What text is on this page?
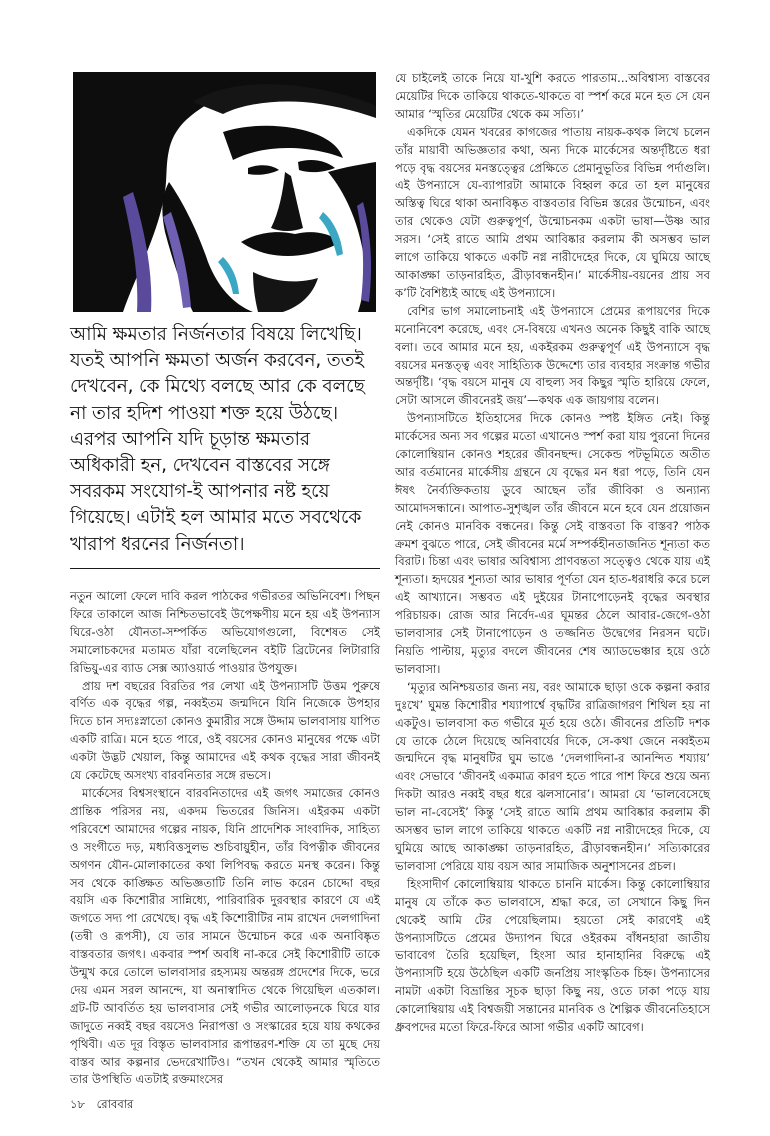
আমি ক্ষমতার নির্জনতার বিষয়ে লিখেছি। যতই আপনি ক্ষমতা অর্জন করবেন, ততই দেখবেন, কে মিথ্যে বলছে আর কে বলছে না তার হদিশ পাওয়া শক্ত হয়ে উঠছে। এরপর আপনি যদি চূড়ান্ত ক্ষমতার অধিকারী হন, দেখবেন বাস্তবের সঙ্গে সবরকম সংযোগ-ই আপনার নষ্ট হয়ে গিয়েছে। এটাই হল আমার মতে সবথেকে খারাপ ধরনের নির্জনতা।

নতুন আলো ফেলে দাবি করল পাঠকের গভীরতর অভিনিবেশ। পিছন ফিরে তাকালে আজ নিশ্চিতভাবেই উপেক্ষণীয় মনে হয় এই উপন্যাস ঘিরে-ওঠা যৌনতা-সম্পর্কিত অভিযোগগুলো, বিশেষত সেই সমালোচকদের মতামত যাঁরা বলেছিলেন বইটি ব্রিটেনের লিটারারি রিভিয়ু-এর ব্যাড সেক্স অ্যাওয়ার্ড পাওয়ার উপযুক্ত।

প্রায় দশ বছরের বিরতির পর লেখা এই উপন্যাসটি উত্তম পুরুষে বর্ণিত এক বৃদ্ধের গল্প, নব্বইতম জন্মদিনে যিনি নিজেকে উপহার দিতে চান সদ্যঃস্নাতো কোনও কুমারীর সঙ্গে উদ্দাম ভালবাসায় যাপিত একটি রাত্রি। মনে হতে পারে, ওই বয়সের কোনও মানুষের পক্ষে এটা একটা উদ্ভট খেয়াল, কিন্তু আমাদের এই কথক বৃদ্ধের সারা জীবনই যে কেটেছে অসংখ্য বারবনিতার সঙ্গে রভসে।

মার্কেসের বিশ্বসংস্থানে বারবনিতাদের এই জগৎ সমাজের কোনও প্রান্তিক পরিসর নয়, একদম ভিতরের জিনিস। এইরকম একটা পরিবেশে আমাদের গল্পের নায়ক, যিনি প্রাদেশিক সাংবাদিক, সাহিত্য ও সংগীতে দড়, মধ্যবিত্তসুলভ শুচিবায়ুহীন, তাঁর বিপত্নীক জীবনের অগণন যৌন-মোলাকাতের কথা লিপিবদ্ধ করতে মনস্থ করেন। কিন্তু সব থেকে কাঙ্ক্ষিত অভিজ্ঞতাটি তিনি লাভ করেন চোদ্দো বছর বয়সি এক কিশোরীর সান্নিধ্যে, পারিবারিক দুরবস্থার কারণে যে এই জগতে সদ্য পা রেখেছে। বৃদ্ধ এই কিশোরীটির নাম রাখেন দেলগাদিনা (তন্বী ও রূপসী), যে তার সামনে উন্মোচন করে এক অনাবিষ্কৃত বাস্তবতার জগৎ। একবার স্পর্শ অবধি না-করে সেই কিশোরীটি তাকে উন্মুখ করে তোলে ভালবাসার রহস্যময় অন্তরঙ্গ প্রদেশের দিকে, ভরে দেয় এমন সরল আনন্দে, যা অনাস্বাদিত থেকে গিয়েছিল এতকাল। গ্রট-টি আবর্তিত হয় ভালবাসার সেই গভীর আলোড়নকে ঘিরে যার জাদুতে নব্বই বছর বয়সেও নিরাপত্তা ও সংস্কারের হয়ে যায় কথকের পৃথিবী। এত দূর বিস্তৃত ভালবাসার রূপান্তরণ-শক্তি যে তা মুছে দেয় বাস্তব আর কল্পনার ভেদরেখাটিও। “তখন থেকেই আমার স্মৃতিতে তার উপস্থিতি এতটাই রক্তমাংসের

যে চাইলেই তাকে নিয়ে যা-খুশি করতে পারতাম...অবিশ্বাস্য বাস্তবের মেয়েটির দিকে তাকিয়ে থাকতে-থাকতে বা স্পর্শ করে মনে হত সে যেন আমার ‘স্মৃতির মেয়েটির থেকে কম সত্যি।’

একদিকে যেমন খবরের কাগজের পাতায় নায়ক-কথক লিখে চলেন তাঁর মায়াবী অভিজ্ঞতার কথা, অন্য দিকে মার্কেসের অন্তর্দৃষ্টিতে ধরা পড়ে বৃদ্ধ বয়সের মনস্তত্ত্বের প্রেক্ষিতে প্রেমানুভূতির বিভিন্ন পর্দাগুলি। এই উপন্যাসে যে-ব্যাপারটা আমাকে বিহ্বল করে তা হল মানুষের অস্তিত্ব ঘিরে থাকা অনাবিষ্কৃত বাস্তবতার বিভিন্ন স্তরের উন্মোচন, এবং তার থেকেও যেটা গুরুত্বপূর্ণ, উন্মোচনকম একটা ভাষা—উষ্ণ আর সরস। ‘সেই রাতে আমি প্রথম আবিষ্কার করলাম কী অসম্ভব ভাল লাগে তাকিয়ে থাকতে একটি নগ্ন নারীদেহের দিকে, যে ঘুমিয়ে আছে আকাঙ্ক্ষা তাড়নারহিত, ব্রীড়াবন্ধনহীন।’ মার্কেসীয়-বয়নের প্রায় সব ক’টি বৈশিষ্ট্যই আছে এই উপন্যাসে।

বেশির ভাগ সমালোচনাই এই উপন্যাসে প্রেমের রূপায়ণের দিকে মনোনিবেশ করেছে, এবং সে-বিষয়ে এখনও অনেক কিছুই বাকি আছে বলা। তবে আমার মনে হয়, একইরকম গুরুত্বপূর্ণ এই উপন্যাসে বৃদ্ধ বয়সের মনস্তত্ত্ব এবং সাহিত্যিক উদ্দেশ্যে তার ব্যবহার সংক্রান্ত গভীর অন্তর্দৃষ্টি। ‘বৃদ্ধ বয়সে মানুষ যে বাহুল্য সব কিছুর স্মৃতি হারিয়ে ফেলে, সেটা আসলে জীবনেরই জয়’—কথক এক জায়গায় বলেন।

উপন্যাসটিতে ইতিহাসের দিকে কোনও স্পষ্ট ইঙ্গিত নেই। কিন্তু মার্কেসের অন্য সব গল্পের মতো এখানেও স্পর্শ করা যায় পুরনো দিনের কোলোম্বিয়ান কোনও শহরের জীবনছন্দ। সেকেন্ড পটভূমিতে অতীত আর বর্তমানের মার্কেসীয় গ্রন্থনে যে বৃদ্ধের মন ধরা পড়ে, তিনি যেন ঈষৎ নৈর্ব্যক্তিকতায় ডুবে আছেন তাঁর জীবিকা ও অন্যান্য আমোদসন্ধানে। আপাত-সুশৃঙ্খল তাঁর জীবনে মনে হবে যেন প্রয়োজন নেই কোনও মানবিক বন্ধনের। কিন্তু সেই বাস্তবতা কি বাস্তব? পাঠক ক্রমশ বুঝতে পারে, সেই জীবনের মর্মে সম্পর্কহীনতাজনিত শূন্যতা কত বিরাট। চিন্তা এবং ভাষার অবিশ্বাস্য প্রাণবন্ততা সত্ত্বেও থেকে যায় এই শূন্যতা। হৃদয়ের শূন্যতা আর ভাষার পূর্ণতা যেন হাত-ধরাধরি করে চলে এই আখ্যানে। সম্ভবত এই দুইয়ের টানাপোড়েনই বৃদ্ধের অবস্থার পরিচায়ক। রোজ আর নির্বেদ-এর ঘূমন্তর ঠেলে আবার-জেগে-ওঠা ভালবাসার সেই টানাপোড়েন ও তজ্জনিত উদ্বেগের নিরসন ঘটে। নিয়তি পাল্টায়, মৃত্যুর বদলে জীবনের শেষ অ্যাডভেঞ্চার হয়ে ওঠে ভালবাসা।

‘মৃত্যুর অনিশ্চয়তার জন্য নয়, বরং আমাকে ছাড়া ওকে কল্পনা করার দুঃখে’ ঘুমন্ত কিশোরীর শয্যাপার্শ্বে বৃদ্ধটির রাত্রিজাগরণ শিথিল হয় না একটুও। ভালবাসা কত গভীরে মূর্ত হয়ে ওঠে। জীবনের প্রতিটি দশক যে তাকে ঠেলে দিয়েছে অনিবার্যের দিকে, সে-কথা জেনে নব্বইতম জন্মদিনে বৃদ্ধ মানুষটির ঘুম ভাঙে ‘দেলগাদিনা-র আনন্দিত শয্যায়’ এবং সেভাবে ‘জীবনই একমাত্র কারণ হতে পারে পাশ ফিরে শুয়ে অন্য দিকটা আরও নব্বই বছর ধরে ঝলসানোর’। আমরা যে ‘ভালবেসেছে ভাল না-বেসেই’ কিন্তু ‘সেই রাতে আমি প্রথম আবিষ্কার করলাম কী অসম্ভব ভাল লাগে তাকিয়ে থাকতে একটি নগ্ন নারীদেহের দিকে, যে ঘুমিয়ে আছে আকাঙ্ক্ষা তাড়নারহিত, ব্রীড়াবন্ধনহীন।’ সত্যিকারের ভালবাসা পেরিয়ে যায় বয়স আর সামাজিক অনুশাসনের প্রচল।

হিংসাদীর্ণ কোলোম্বিয়ায় থাকতে চাননি মার্কেস। কিন্তু কোলোম্বিয়ার মানুষ যে তাঁকে কত ভালবাসে, শ্রদ্ধা করে, তা সেখানে কিছু দিন থেকেই আমি টের পেয়েছিলাম। হয়তো সেই কারণেই এই উপন্যাসটিতে প্রেমের উদ্যাপন ঘিরে ওইরকম বাঁধনহারা জাতীয় ভাবাবেগ তৈরি হয়েছিল, হিংসা আর হানাহানির বিরুদ্ধে এই উপন্যাসটি হয়ে উঠেছিল একটি জনপ্রিয় সাংস্কৃতিক চিহ্ন। উপন্যাসের নামটা একটা বিভ্রান্তির সূচক ছাড়া কিছু নয়, ওতে ঢাকা পড়ে যায় কোলোম্বিয়ায় এই বিশ্বজয়ী সন্তানের মানবিক ও শৈল্পিক জীবনেতিহাসে ধ্রুবপদের মতো ফিরে-ফিরে আসা গভীর একটি আবেগ।

১৮ রোববার
